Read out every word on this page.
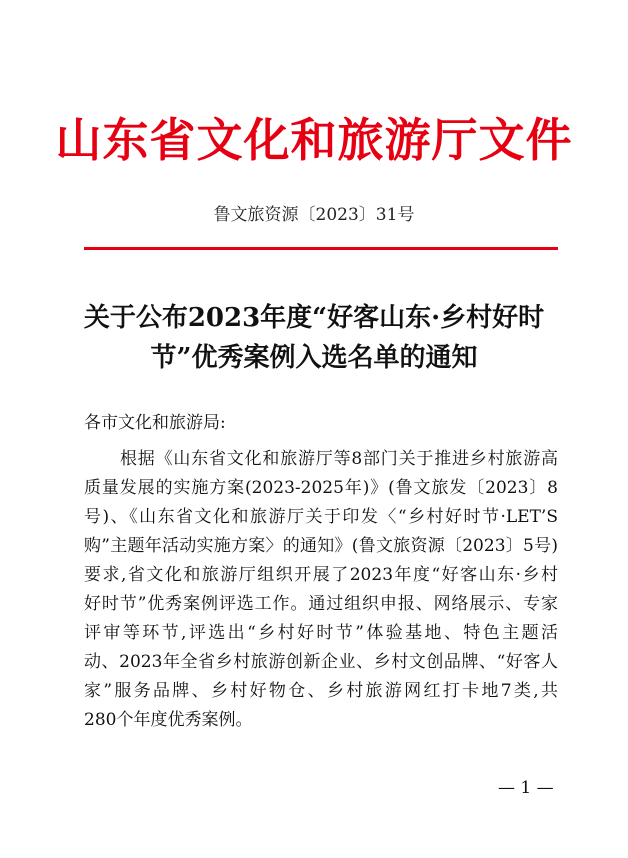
山东省文化和旅游厅文件
鲁文旅资源〔2023〕31号
关于公布2023年度“好客山东·乡村好时
节”优秀案例入选名单的通知
各市文化和旅游局:
根据《山东省文化和旅游厅等8部门关于推进乡村旅游高
质量发展的实施方案(2023-2025年)》(鲁文旅发〔2023〕8
号)、《山东省文化和旅游厅关于印发〈“乡村好时节·LET’S
购”主题年活动实施方案〉的通知》(鲁文旅资源〔2023〕5号)
要求,省文化和旅游厅组织开展了2023年度“好客山东·乡村
好时节”优秀案例评选工作。通过组织申报、网络展示、专家
评审等环节,评选出“乡村好时节”体验基地、特色主题活
动、2023年全省乡村旅游创新企业、乡村文创品牌、“好客人
家”服务品牌、乡村好物仓、乡村旅游网红打卡地7类,共
280个年度优秀案例。
— 1 —
